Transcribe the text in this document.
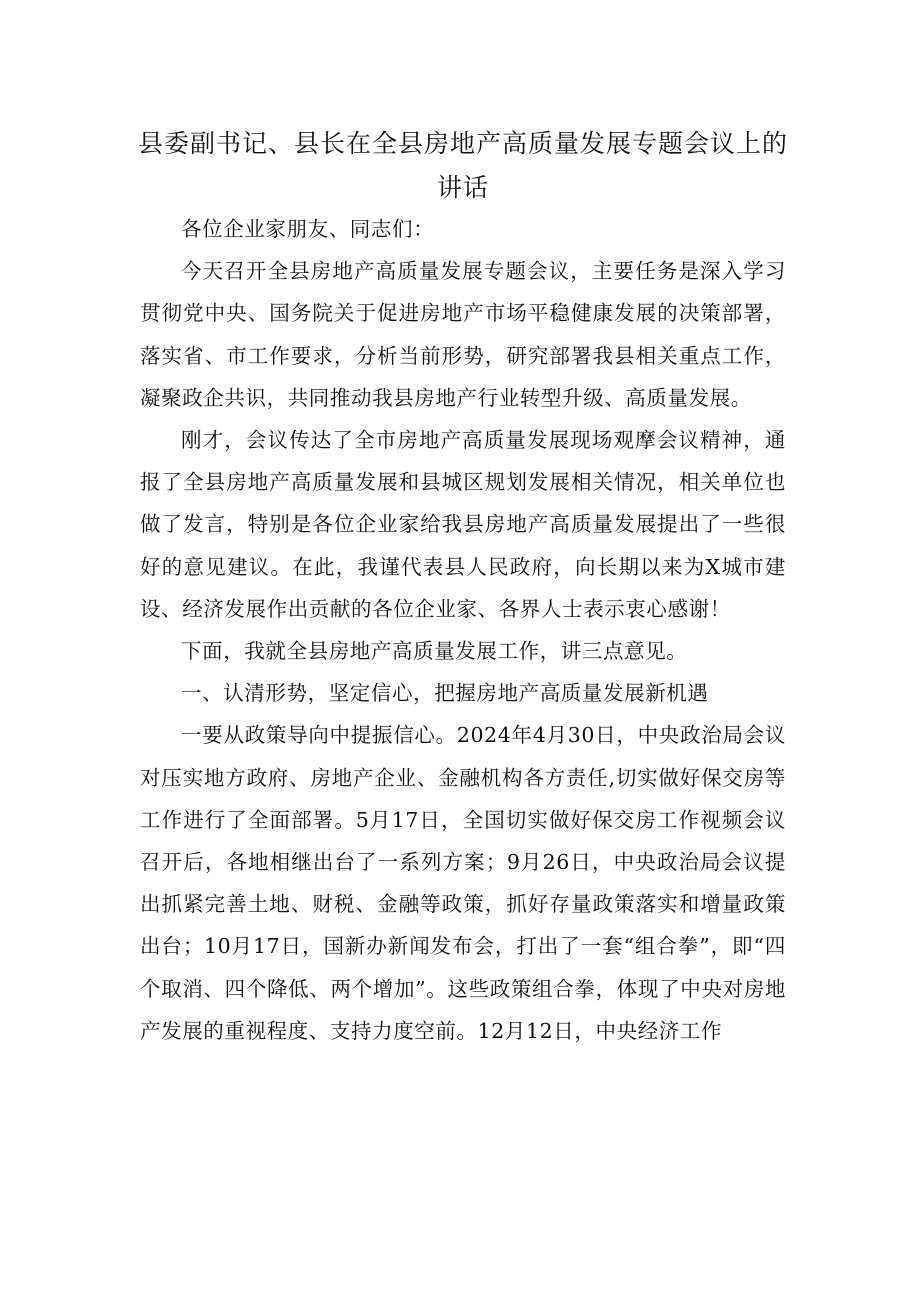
县委副书记、县长在全县房地产高质量发展专题会议上的讲话

各位企业家朋友、同志们：

今天召开全县房地产高质量发展专题会议，主要任务是深入学习贯彻党中央、国务院关于促进房地产市场平稳健康发展的决策部署，落实省、市工作要求，分析当前形势，研究部署我县相关重点工作，凝聚政企共识，共同推动我县房地产行业转型升级、高质量发展。

刚才，会议传达了全市房地产高质量发展现场观摩会议精神，通报了全县房地产高质量发展和县城区规划发展相关情况，相关单位也做了发言，特别是各位企业家给我县房地产高质量发展提出了一些很好的意见建议。在此，我谨代表县人民政府，向长期以来为X城市建设、经济发展作出贡献的各位企业家、各界人士表示衷心感谢！

下面，我就全县房地产高质量发展工作，讲三点意见。

一、认清形势，坚定信心，把握房地产高质量发展新机遇

一要从政策导向中提振信心。2024年4月30日，中央政治局会议对压实地方政府、房地产企业、金融机构各方责任,切实做好保交房等工作进行了全面部署。5月17日，全国切实做好保交房工作视频会议召开后，各地相继出台了一系列方案；9月26日，中央政治局会议提出抓紧完善土地、财税、金融等政策，抓好存量政策落实和增量政策出台；10月17日，国新办新闻发布会，打出了一套“组合拳”，即“四个取消、四个降低、两个增加”。这些政策组合拳，体现了中央对房地产发展的重视程度、支持力度空前。12月12日，中央经济工作
